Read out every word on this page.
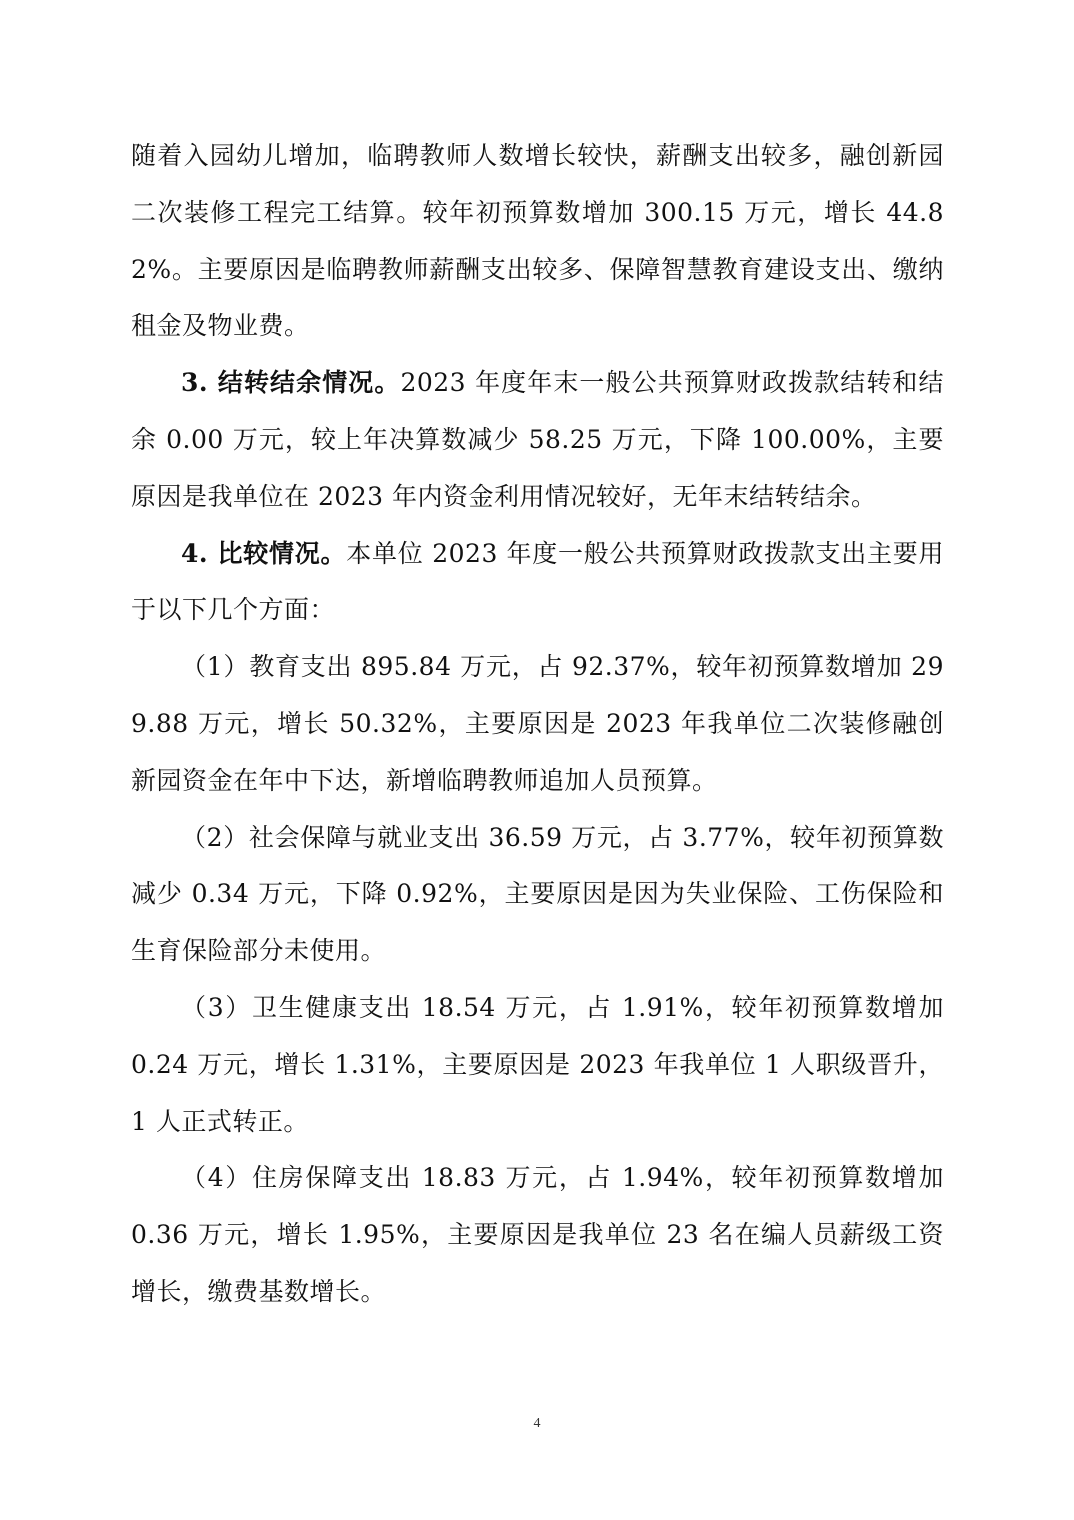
随着入园幼儿增加，临聘教师人数增长较快，薪酬支出较多，融创新园二次装修工程完工结算。较年初预算数增加 300.15 万元，增长 44.82%。主要原因是临聘教师薪酬支出较多、保障智慧教育建设支出、缴纳租金及物业费。

3. 结转结余情况。2023 年度年末一般公共预算财政拨款结转和结余 0.00 万元，较上年决算数减少 58.25 万元，下降 100.00%，主要原因是我单位在 2023 年内资金利用情况较好，无年末结转结余。

4. 比较情况。本单位 2023 年度一般公共预算财政拨款支出主要用于以下几个方面：

（1）教育支出 895.84 万元，占 92.37%，较年初预算数增加 299.88 万元，增长 50.32%，主要原因是 2023 年我单位二次装修融创新园资金在年中下达，新增临聘教师追加人员预算。

（2）社会保障与就业支出 36.59 万元，占 3.77%，较年初预算数减少 0.34 万元，下降 0.92%，主要原因是因为失业保险、工伤保险和生育保险部分未使用。

（3）卫生健康支出 18.54 万元，占 1.91%，较年初预算数增加 0.24 万元，增长 1.31%，主要原因是 2023 年我单位 1 人职级晋升，1 人正式转正。

（4）住房保障支出 18.83 万元，占 1.94%，较年初预算数增加 0.36 万元，增长 1.95%，主要原因是我单位 23 名在编人员薪级工资增长，缴费基数增长。

4
